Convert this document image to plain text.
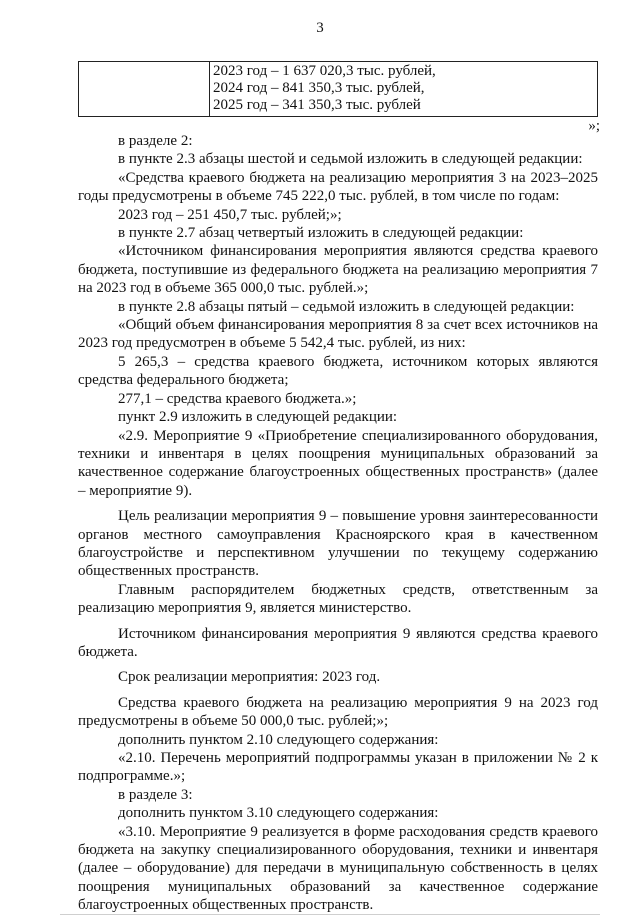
3

2023 год – 1 637 020,3 тыс. рублей,
2024 год – 841 350,3 тыс. рублей,
2025 год – 341 350,3 тыс. рублей
»;

в разделе 2:

в пункте 2.3 абзацы шестой и седьмой изложить в следующей редакции:

«Средства краевого бюджета на реализацию мероприятия 3 на 2023–2025 годы предусмотрены в объеме 745 222,0 тыс. рублей, в том числе по годам:

2023 год – 251 450,7 тыс. рублей;»;

в пункте 2.7 абзац четвертый изложить в следующей редакции:

«Источником финансирования мероприятия являются средства краевого бюджета, поступившие из федерального бюджета на реализацию мероприятия 7 на 2023 год в объеме 365 000,0 тыс. рублей.»;

в пункте 2.8 абзацы пятый – седьмой изложить в следующей редакции:

«Общий объем финансирования мероприятия 8 за счет всех источников на 2023 год предусмотрен в объеме 5 542,4 тыс. рублей, из них:

5 265,3 – средства краевого бюджета, источником которых являются средства федерального бюджета;

277,1 – средства краевого бюджета.»;

пункт 2.9 изложить в следующей редакции:

«2.9. Мероприятие 9 «Приобретение специализированного оборудования, техники и инвентаря в целях поощрения муниципальных образований за качественное содержание благоустроенных общественных пространств» (далее – мероприятие 9).

Цель реализации мероприятия 9 – повышение уровня заинтересованности органов местного самоуправления Красноярского края в качественном благоустройстве и перспективном улучшении по текущему содержанию общественных пространств.

Главным распорядителем бюджетных средств, ответственным за реализацию мероприятия 9, является министерство.

Источником финансирования мероприятия 9 являются средства краевого бюджета.

Срок реализации мероприятия: 2023 год.

Средства краевого бюджета на реализацию мероприятия 9 на 2023 год предусмотрены в объеме 50 000,0 тыс. рублей;»;

дополнить пунктом 2.10 следующего содержания:

«2.10. Перечень мероприятий подпрограммы указан в приложении № 2 к подпрограмме.»;

в разделе 3:

дополнить пунктом 3.10 следующего содержания:

«3.10. Мероприятие 9 реализуется в форме расходования средств краевого бюджета на закупку специализированного оборудования, техники и инвентаря (далее – оборудование) для передачи в муниципальную собственность в целях поощрения муниципальных образований за качественное содержание благоустроенных общественных пространств.
